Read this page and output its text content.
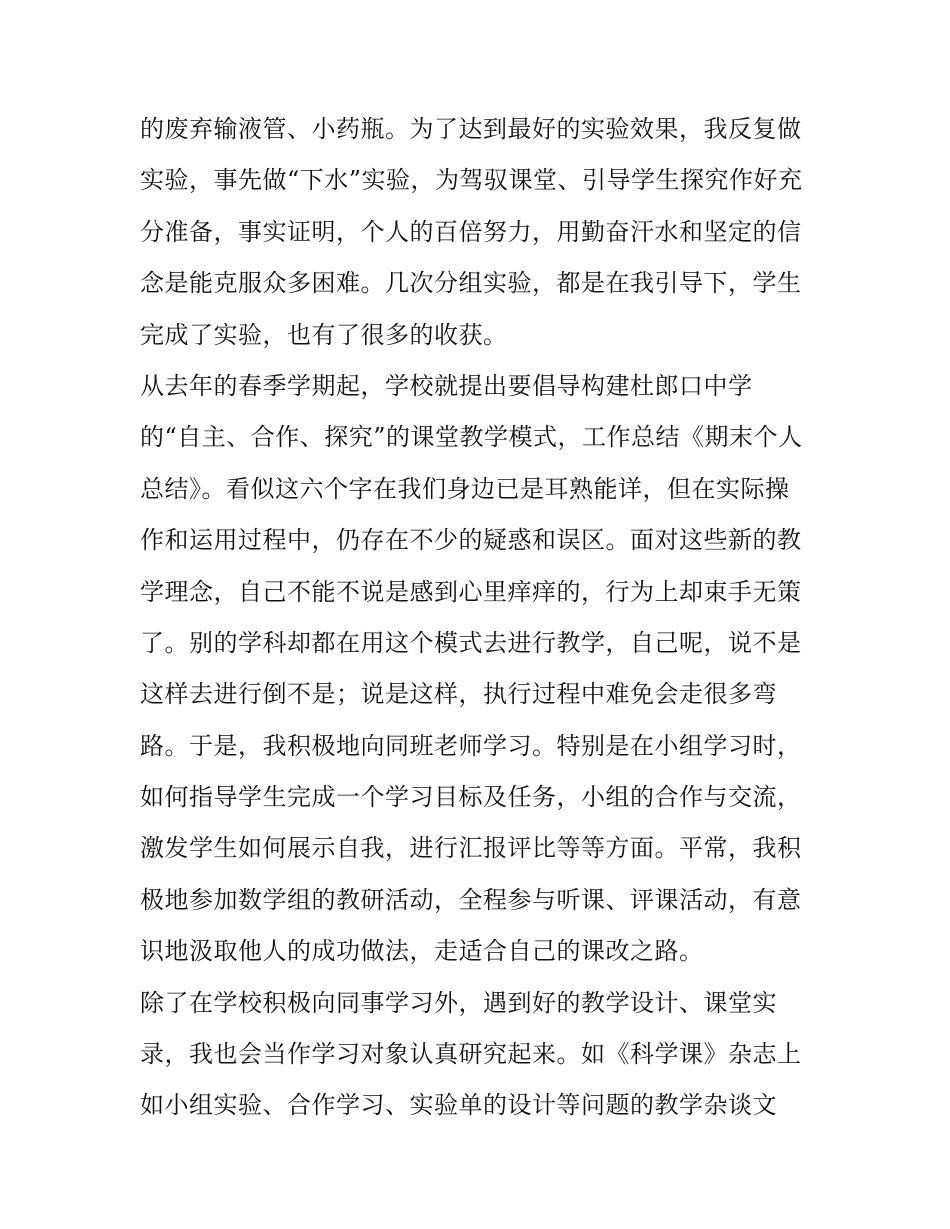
的废弃输液管、小药瓶。为了达到最好的实验效果，我反复做
实验，事先做“下水”实验，为驾驭课堂、引导学生探究作好充
分准备，事实证明，个人的百倍努力，用勤奋汗水和坚定的信
念是能克服众多困难。几次分组实验，都是在我引导下，学生
完成了实验，也有了很多的收获。
从去年的春季学期起，学校就提出要倡导构建杜郎口中学
的“自主、合作、探究”的课堂教学模式，工作总结《期末个人
总结》。看似这六个字在我们身边已是耳熟能详，但在实际操
作和运用过程中，仍存在不少的疑惑和误区。面对这些新的教
学理念，自己不能不说是感到心里痒痒的，行为上却束手无策
了。别的学科却都在用这个模式去进行教学，自己呢，说不是
这样去进行倒不是；说是这样，执行过程中难免会走很多弯
路。于是，我积极地向同班老师学习。特别是在小组学习时，
如何指导学生完成一个学习目标及任务，小组的合作与交流，
激发学生如何展示自我，进行汇报评比等等方面。平常，我积
极地参加数学组的教研活动，全程参与听课、评课活动，有意
识地汲取他人的成功做法，走适合自己的课改之路。
除了在学校积极向同事学习外，遇到好的教学设计、课堂实
录，我也会当作学习对象认真研究起来。如《科学课》杂志上
如小组实验、合作学习、实验单的设计等问题的教学杂谈文
